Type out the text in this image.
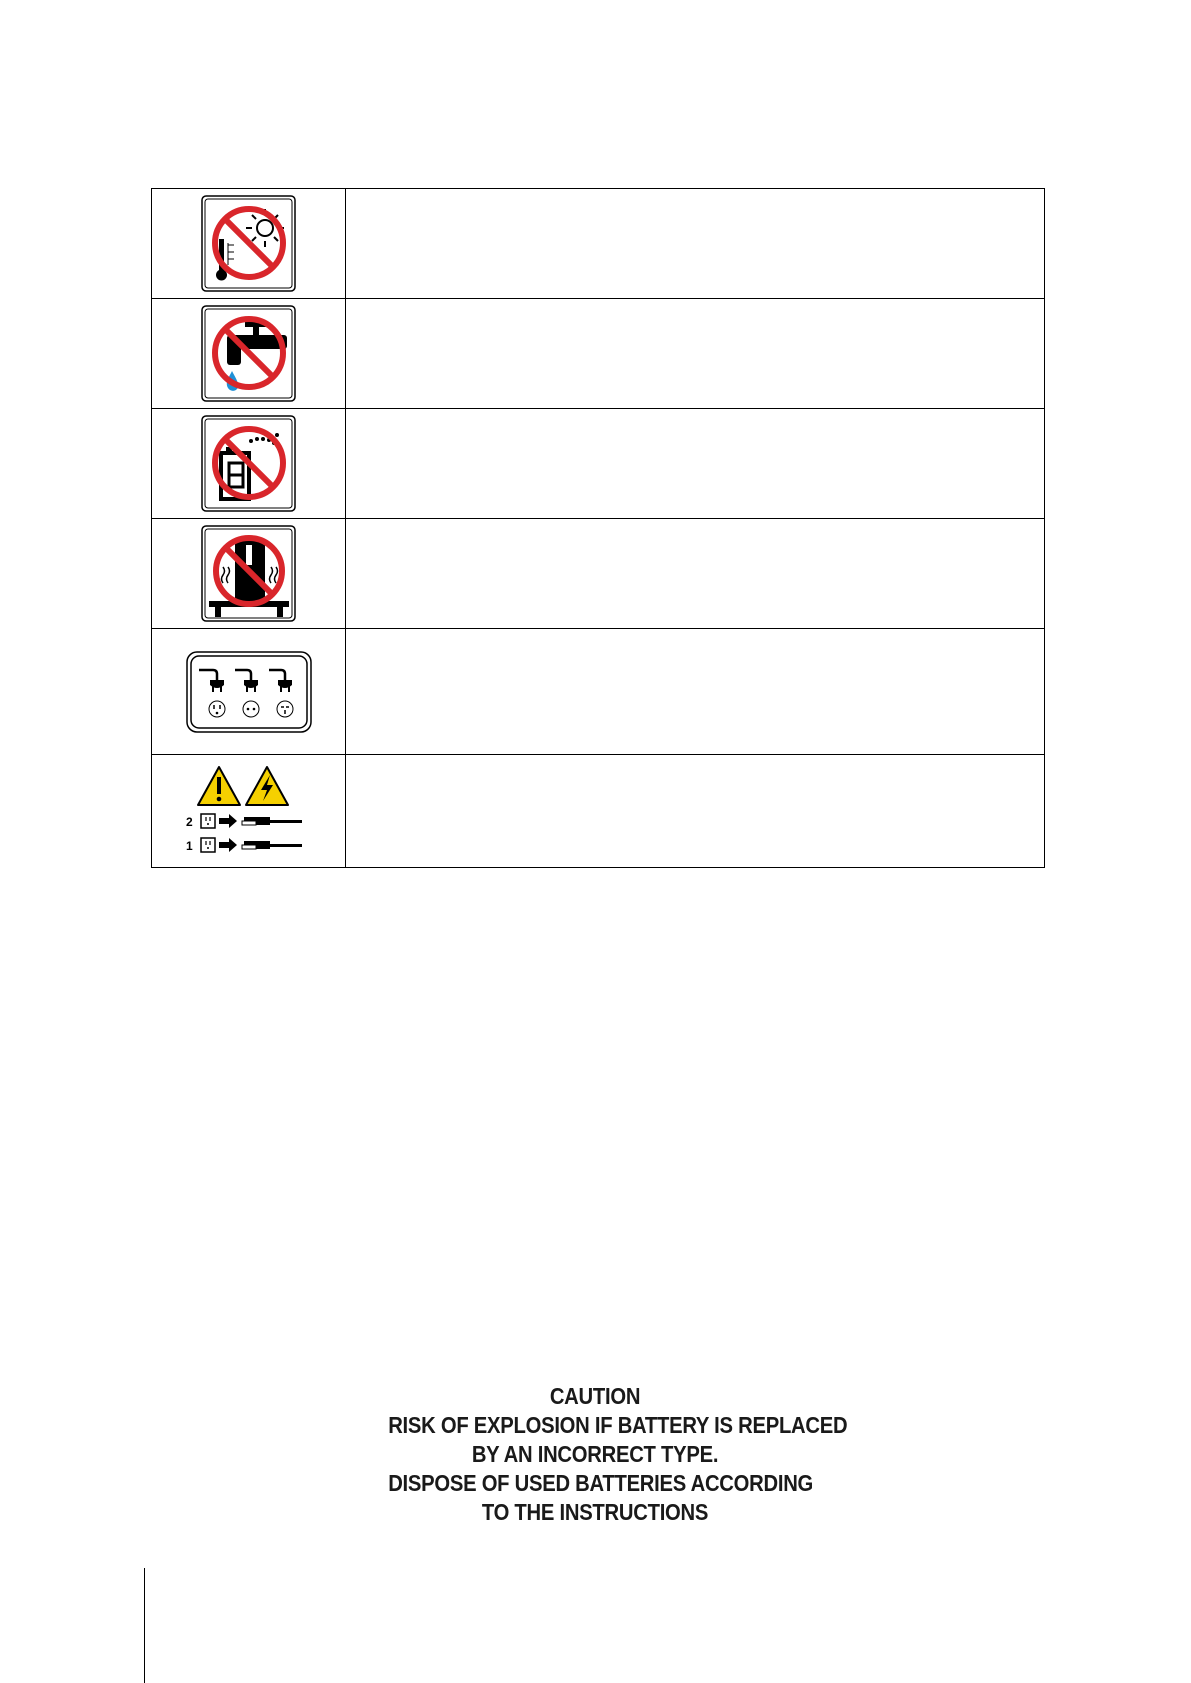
2
1	

CAUTION
RISK OF EXPLOSION IF BATTERY IS REPLACED
BY AN INCORRECT TYPE.
DISPOSE OF USED BATTERIES ACCORDING
TO THE INSTRUCTIONS
